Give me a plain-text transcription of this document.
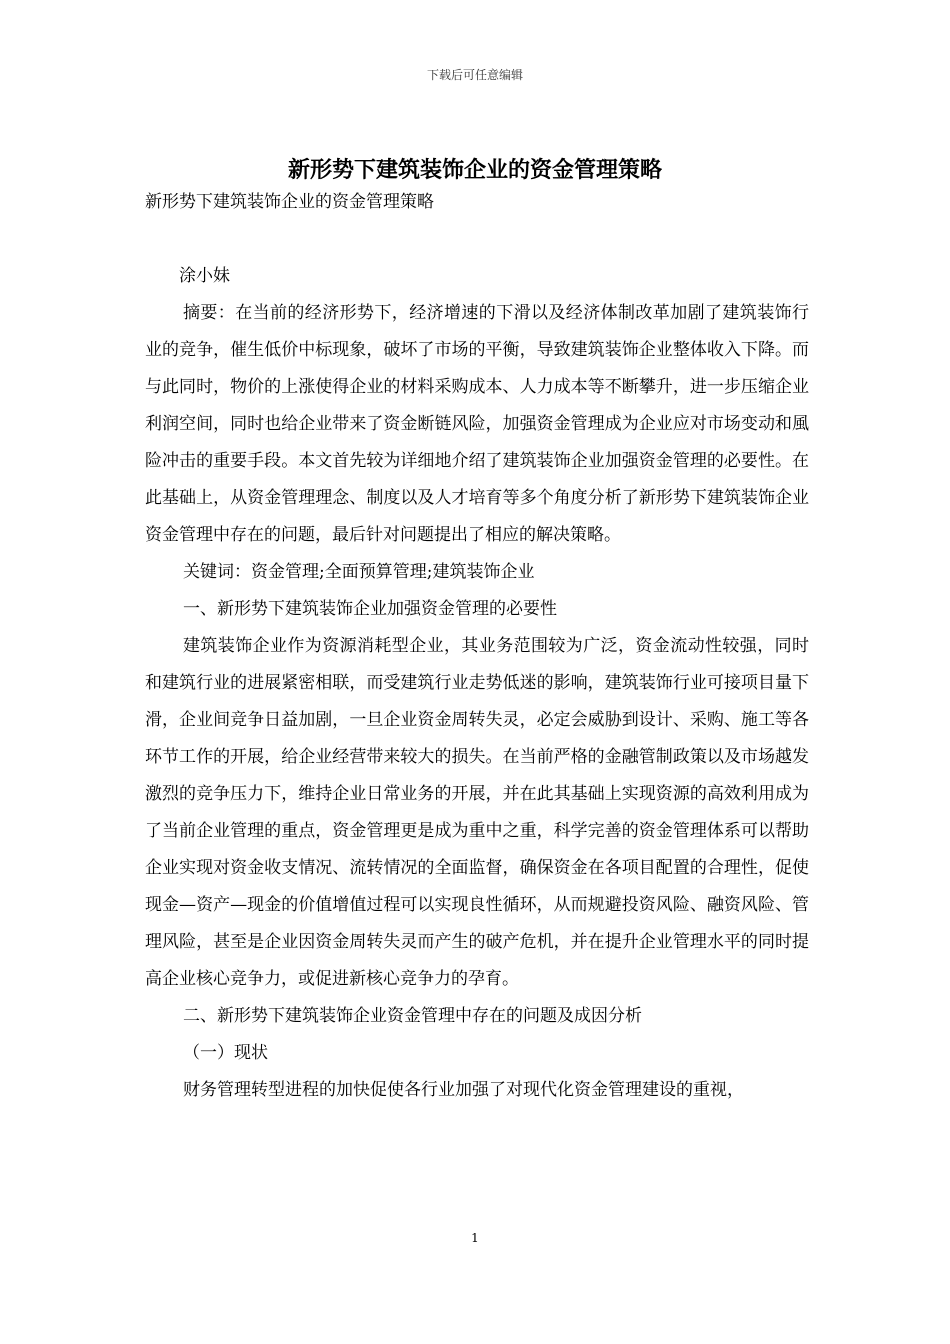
下载后可任意编辑
新形势下建筑装饰企业的资金管理策略

新形势下建筑装饰企业的资金管理策略

涂小妹

摘要：在当前的经济形势下，经济增速的下滑以及经济体制改革加剧了建筑装饰行业的竞争，催生低价中标现象，破坏了市场的平衡，导致建筑装饰企业整体收入下降。而与此同时，物价的上涨使得企业的材料采购成本、人力成本等不断攀升，进一步压缩企业利润空间，同时也给企业带来了资金断链风险，加强资金管理成为企业应对市场变动和風险冲击的重要手段。本文首先较为详细地介绍了建筑装饰企业加强资金管理的必要性。在此基础上，从资金管理理念、制度以及人才培育等多个角度分析了新形势下建筑装饰企业资金管理中存在的问题，最后针对问题提出了相应的解决策略。

关键词：资金管理;全面预算管理;建筑装饰企业

一、新形势下建筑装饰企业加强资金管理的必要性

建筑装饰企业作为资源消耗型企业，其业务范围较为广泛，资金流动性较强，同时和建筑行业的进展紧密相联，而受建筑行业走势低迷的影响，建筑装饰行业可接项目量下滑，企业间竞争日益加剧，一旦企业资金周转失灵，必定会威胁到设计、采购、施工等各环节工作的开展，给企业经营带来较大的损失。在当前严格的金融管制政策以及市场越发激烈的竞争压力下，维持企业日常业务的开展，并在此其基础上实现资源的高效利用成为了当前企业管理的重点，资金管理更是成为重中之重，科学完善的资金管理体系可以帮助企业实现对资金收支情况、流转情况的全面监督，确保资金在各项目配置的合理性，促使现金—资产—现金的价值增值过程可以实现良性循环，从而规避投资风险、融资风险、管理风险，甚至是企业因资金周转失灵而产生的破产危机，并在提升企业管理水平的同时提高企业核心竞争力，或促进新核心竞争力的孕育。

二、新形势下建筑装饰企业资金管理中存在的问题及成因分析

（一）现状

财务管理转型进程的加快促使各行业加强了对现代化资金管理建设的重视，

1
